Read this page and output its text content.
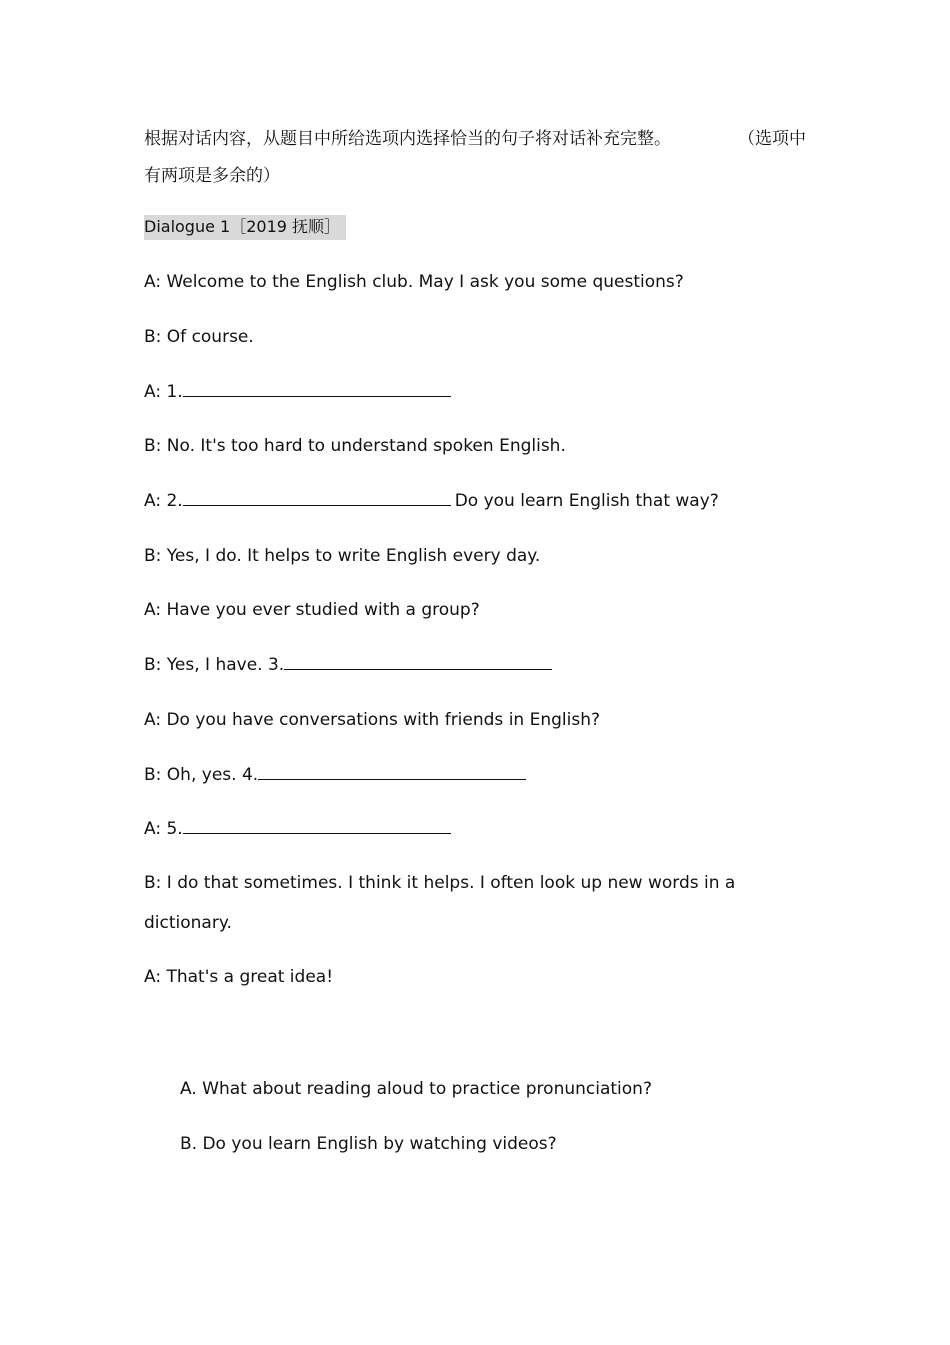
根据对话内容，从题目中所给选项内选择恰当的句子将对话补充完整。	（选项中

有两项是多余的）
Dialogue 1［2019 抚顺］

A: Welcome to the English club. May I ask you some questions?

B: Of course.

A: 1.

B: No. It's too hard to understand spoken English.

A: 2.	Do you learn English that way?

B: Yes, I do. It helps to write English every day.

A: Have you ever studied with a group?

B: Yes, I have. 3.

A: Do you have conversations with friends in English?

B: Oh, yes. 4.

A: 5.

B: I do that sometimes. I think it helps. I often look up new words in a

dictionary.

A: That's a great idea!

A. What about reading aloud to practice pronunciation?

B. Do you learn English by watching videos?
